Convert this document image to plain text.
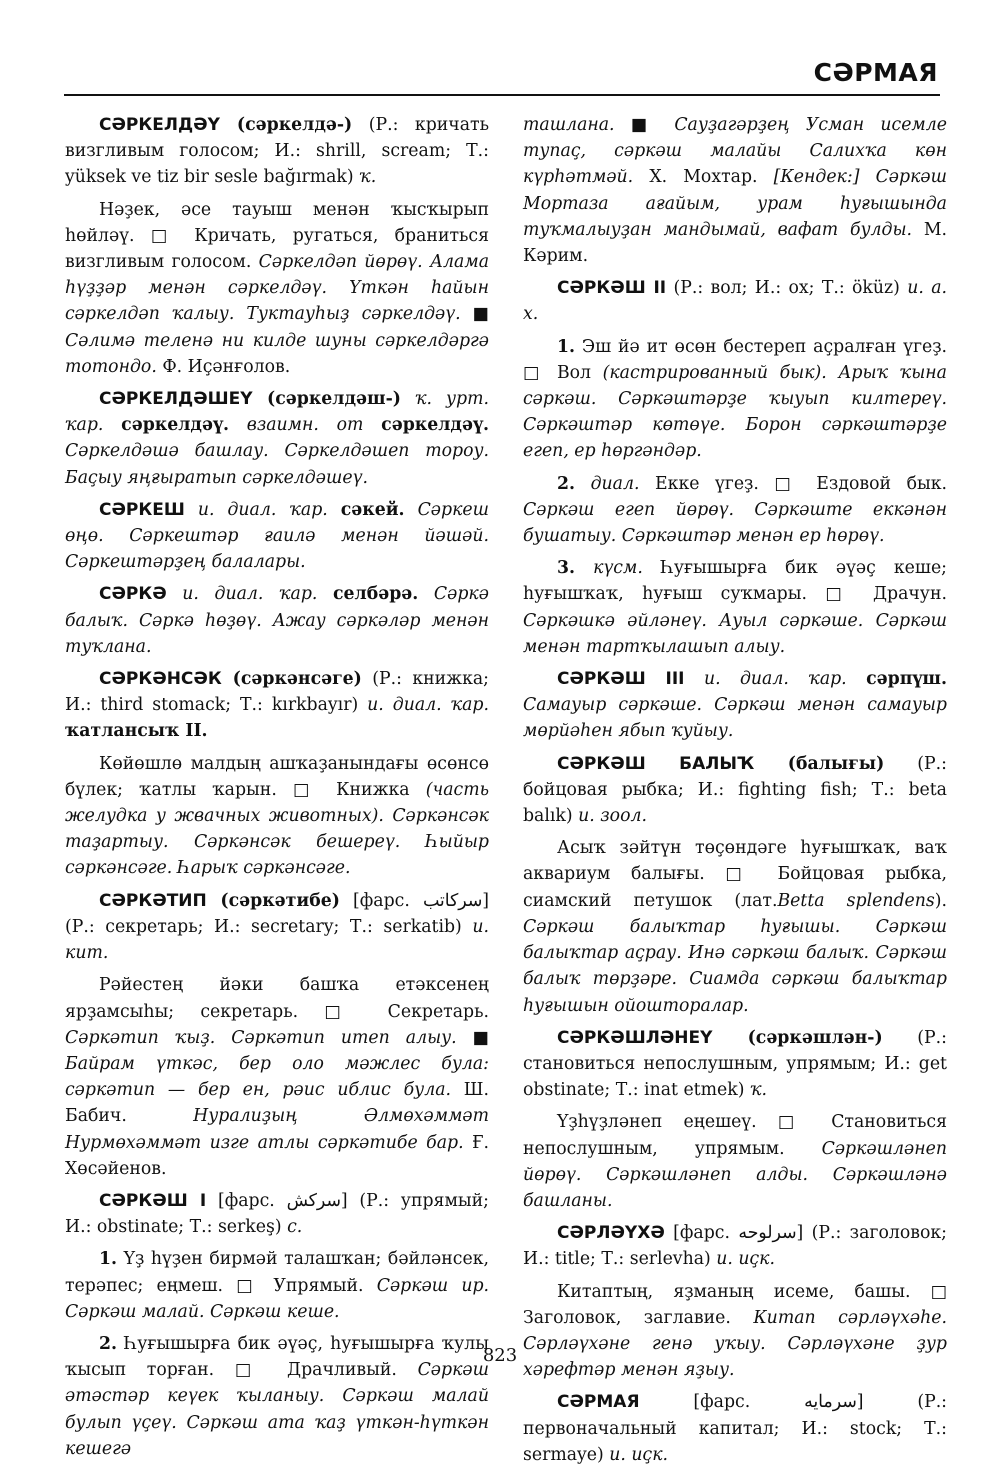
СӘРМАЯ

СӘРКЕЛДӘҮ (сәркелдә-) (Р.: кричать визгливым голосом; И.: shrill, scream; Т.: yüksek ve tiz bir sesle bağırmak) ҡ.

Нәҙек, әсе тауыш менән ҡысҡырып һөйләү. □ Кричать, ругаться, браниться визгливым голосом. Сәркелдәп йөрөү. Алама һүҙҙәр менән сәркелдәү. Үткән һайын сәркелдәп ҡалыу. Туктауһыҙ сәркелдәү. ■ Сәлимә теленә ни килде шуны сәркелдәргә тотондо. Ф. Иҫәнғолов.

СӘРКЕЛДӘШЕҮ (сәркелдәш-) ҡ. урт. ҡар. сәркелдәү. взаимн. от сәркелдәү. Сәркелдәшә башлау. Сәркелдәшеп тороу. Баҫыу яңғыратып сәркелдәшеү.

СӘРКЕШ и. диал. ҡар. сәкей. Сәркеш өңө. Сәркештәр ғаилә менән йәшәй. Сәркештәрҙең балалары.

СӘРКӘ и. диал. ҡар. селбәрә. Сәркә балыҡ. Сәркә һөҙөү. Ажау сәркәләр менән туҡлана.

СӘРКӘНСӘК (сәркәнсәге) (Р.: книжка; И.: third stomack; Т.: kırkbayır) и. диал. ҡар. ҡатлансыҡ II.

Көйөшлө малдың ашҡаҙанындағы өсөнсө бүлек; ҡатлы ҡарын. □ Книжка (часть желудка у жвачных животных). Сәркәнсәк таҙартыу. Сәркәнсәк бешереү. Һыйыр сәркәнсәге. Һарыҡ сәркәнсәге.

СӘРКӘТИП (сәркәтибе) [фарс. سرکاتب] (Р.: секретарь; И.: secretary; Т.: serkatib) и. кит.

Рәйестең йәки башҡа етәксенең ярҙамсыһы; секретарь. □ Секретарь. Сәркәтип ҡыҙ. Сәркәтип итеп алыу. ■ Байрам үткәс, бер оло мәжлес була: сәркәтип — бер ен, рәис иблис була. Ш. Бабич.	Нуралиҙың Әлмөхәммәт Нурмөхәммәт изге атлы сәркәтибе бар. Ғ. Хөсәйенов.

СӘРКӘШ I [фарс. سرکش] (Р.: упрямый; И.: obstinate; Т.: serkeş) с.

1. Үҙ һүҙен бирмәй талашҡан; бәйләнсек, терәпес; еңмеш. □ Упрямый. Сәркәш ир. Сәркәш малай. Сәркәш кеше.

2. Һуғышырға бик әүәҫ, һуғышырға ҡулы ҡысып торған. □ Драчливый. Сәркәш әтәстәр кеүек ҡыланыу. Сәркәш малай булып үҫеү. Сәркәш ата ҡаҙ үткән-һүткән кешегә

ташлана. ■ Сауҙагәрҙең Усман исемле тупаҫ, сәркәш малайы Салихҡа көн күрһәтмәй. Х. Мохтар. [Кендек:] Сәркәш Мортаза ағайым, урам һуғышында туҡмалыуҙан мандымай, вафат булды. М. Кәрим.

СӘРКӘШ II (Р.: вол; И.: ox; Т.: öküz) и. а. х.

1. Эш йә ит өсөн бестереп аҫралған үгеҙ. □ Вол (кастрированный бык). Арыҡ ҡына сәркәш. Сәркәштәрҙе ҡыуып килтереү. Сәркәштәр көтөүе. Борон сәркәштәрҙе егеп, ер һөргәндәр.

2. диал. Екке үгеҙ. □ Ездовой бык. Сәркәш егеп йөрөү. Сәркәште еккәнән бушатыу. Сәркәштәр менән ер һөрөү.

3. күсм. Һуғышырға бик әүәҫ кеше; һуғышҡаҡ, һуғыш суҡмары. □ Драчун. Сәркәшкә әйләнеү. Ауыл сәркәше. Сәркәш менән тартҡылашып алыу.

СӘРКӘШ III и. диал. ҡар. сәрпүш. Самауыр сәркәше. Сәркәш менән самауыр мөрйәһен ябып ҡуйыу.

СӘРКӘШ БАЛЫҠ (балығы) (Р.: бойцовая рыбка; И.: fighting fish; Т.: beta balık) и. зоол.

Асыҡ зәйтүн төҫөндәге һуғышҡаҡ, ваҡ аквариум балығы. □ Бойцовая рыбка, сиамский петушок (лат.Betta splendens). Сәркәш балыҡтар һуғышы. Сәркәш балыҡтар аҫрау. Инә сәркәш балыҡ. Сәркәш балыҡ төрҙәре. Сиамда сәркәш балыҡтар һуғышын ойошторалар.

СӘРКӘШЛӘНЕҮ (сәркәшлән-) (Р.: становиться непослушным, упрямым; И.: get obstinate; Т.: inat etmek) ҡ.

Үҙһүҙләнеп еңешеү. □ Становиться непослушным, упрямым. Сәркәшләнеп йөрөү. Сәркәшләнеп алды. Сәркәшләнә башланы.

СӘРЛӘҮХӘ [фарс. سرلوحه] (Р.: заголовок; И.: title; Т.: serlevha) и. иҫк.

Китаптың, яҙманың исеме, башы. □ Заголовок, заглавие. Китап сәрләүхәһе. Сәрләүхәне генә уҡыу. Сәрләүхәне ҙур хәрефтәр менән яҙыу.

СӘРМАЯ [фарс. سرمایه] (Р.: первоначальный капитал; И.: stock; Т.: sermaye) и. иҫк.

823
